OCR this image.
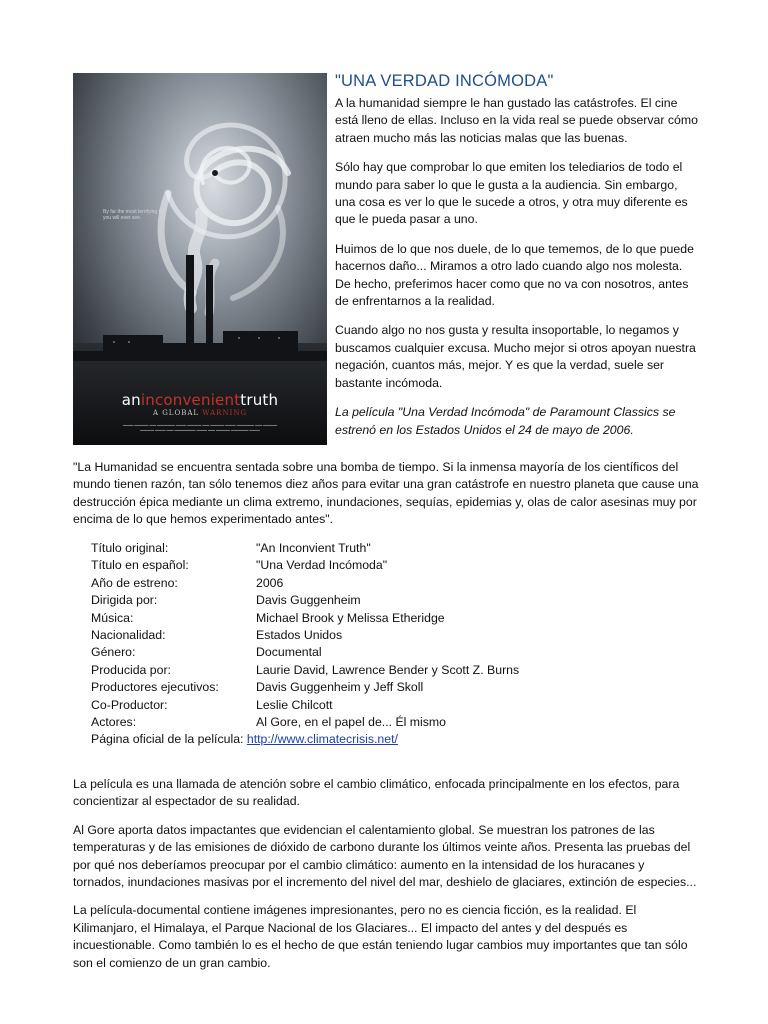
By far the most terrifying film you will ever see.
aninconvenienttruth
A GLOBAL WARNING
▬▬▬ ▬▬▬▬ ▬▬ ▬▬▬▬▬ ▬▬▬ ▬▬▬▬ ▬▬ ▬▬▬▬ ▬▬▬ ▬▬▬▬▬ ▬▬ ▬▬▬▬
▬▬▬▬ ▬▬▬ ▬▬ ▬▬▬▬▬▬ ▬▬▬ ▬▬ ▬▬▬▬ ▬▬▬▬▬ ▬▬▬
"UNA VERDAD INCÓMODA"

A la humanidad siempre le han gustado las catástrofes. El cine está lleno de ellas. Incluso en la vida real se puede observar cómo atraen mucho más las noticias malas que las buenas.

Sólo hay que comprobar lo que emiten los telediarios de todo el mundo para saber lo que le gusta a la audiencia. Sin embargo, una cosa es ver lo que le sucede a otros, y otra muy diferente es que le pueda pasar a uno.

Huimos de lo que nos duele, de lo que tememos, de lo que puede hacernos daño... Miramos a otro lado cuando algo nos molesta. De hecho, preferimos hacer como que no va con nosotros, antes de enfrentarnos a la realidad.

Cuando algo no nos gusta y resulta insoportable, lo negamos y buscamos cualquier excusa. Mucho mejor si otros apoyan nuestra negación, cuantos más, mejor. Y es que la verdad, suele ser bastante incómoda.

La película "Una Verdad Incómoda" de Paramount Classics se estrenó en los Estados Unidos el 24 de mayo de 2006.

"La Humanidad se encuentra sentada sobre una bomba de tiempo. Si la inmensa mayoría de los científicos del mundo tienen razón, tan sólo tenemos diez años para evitar una gran catástrofe en nuestro planeta que cause una destrucción épica mediante un clima extremo, inundaciones, sequías, epidemias y, olas de calor asesinas muy por encima de lo que hemos experimentado antes".

Título original:	"An Inconvient Truth"
Título en español:	"Una Verdad Incómoda"
Año de estreno:	2006
Dirigida por:	Davis Guggenheim
Música:	Michael Brook y Melissa Etheridge
Nacionalidad:	Estados Unidos
Género:	Documental
Producida por:	Laurie David, Lawrence Bender y Scott Z. Burns
Productores ejecutivos:	Davis Guggenheim y Jeff Skoll
Co-Productor:	Leslie Chilcott
Actores:	Al Gore, en el papel de... Él mismo
Página oficial de la película:
http://www.climatecrisis.net/

La película es una llamada de atención sobre el cambio climático, enfocada principalmente en los efectos, para concientizar al espectador de su realidad.

Al Gore aporta datos impactantes que evidencian el calentamiento global. Se muestran los patrones de las temperaturas y de las emisiones de dióxido de carbono durante los últimos veinte años. Presenta las pruebas del por qué nos deberíamos preocupar por el cambio climático: aumento en la intensidad de los huracanes y tornados, inundaciones masivas por el incremento del nivel del mar, deshielo de glaciares, extinción de especies...

La película-documental contiene imágenes impresionantes, pero no es ciencia ficción, es la realidad. El Kilimanjaro, el Himalaya, el Parque Nacional de los Glaciares... El impacto del antes y del después es incuestionable. Como también lo es el hecho de que están teniendo lugar cambios muy importantes que tan sólo son el comienzo de un gran cambio.
